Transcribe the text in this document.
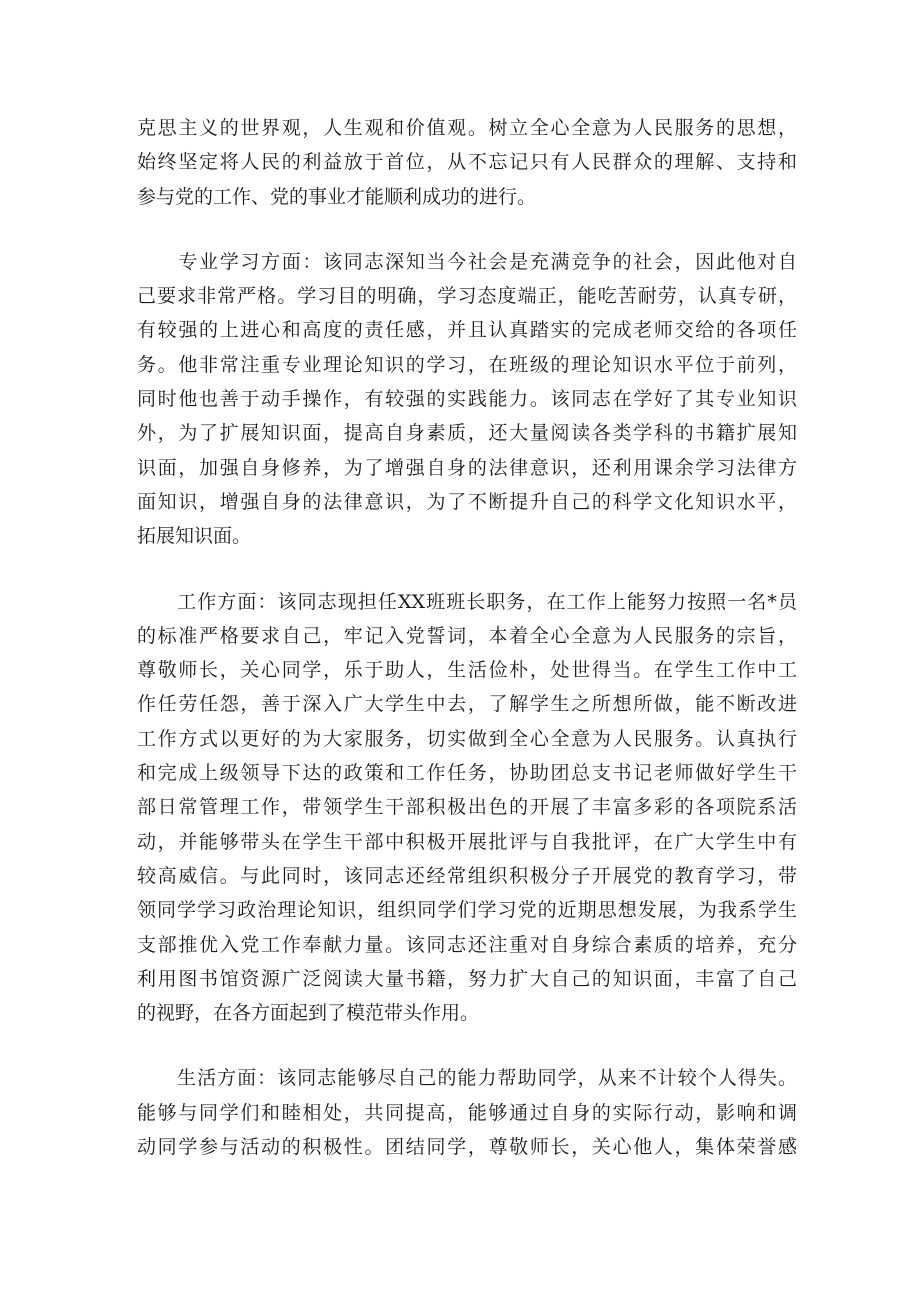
克思主义的世界观，人生观和价值观。树立全心全意为人民服务的思想，
始终坚定将人民的利益放于首位，从不忘记只有人民群众的理解、支持和
参与党的工作、党的事业才能顺利成功的进行。
　　专业学习方面：该同志深知当今社会是充满竞争的社会，因此他对自
己要求非常严格。学习目的明确，学习态度端正，能吃苦耐劳，认真专研，
有较强的上进心和高度的责任感，并且认真踏实的完成老师交给的各项任
务。他非常注重专业理论知识的学习，在班级的理论知识水平位于前列，
同时他也善于动手操作，有较强的实践能力。该同志在学好了其专业知识
外，为了扩展知识面，提高自身素质，还大量阅读各类学科的书籍扩展知
识面，加强自身修养，为了增强自身的法律意识，还利用课余学习法律方
面知识，增强自身的法律意识，为了不断提升自己的科学文化知识水平，
拓展知识面。
　　工作方面：该同志现担任XX班班长职务，在工作上能努力按照一名*员
的标准严格要求自己，牢记入党誓词，本着全心全意为人民服务的宗旨，
尊敬师长，关心同学，乐于助人，生活俭朴，处世得当。在学生工作中工
作任劳任怨，善于深入广大学生中去，了解学生之所想所做，能不断改进
工作方式以更好的为大家服务，切实做到全心全意为人民服务。认真执行
和完成上级领导下达的政策和工作任务，协助团总支书记老师做好学生干
部日常管理工作，带领学生干部积极出色的开展了丰富多彩的各项院系活
动，并能够带头在学生干部中积极开展批评与自我批评，在广大学生中有
较高威信。与此同时，该同志还经常组织积极分子开展党的教育学习，带
领同学学习政治理论知识，组织同学们学习党的近期思想发展，为我系学生
支部推优入党工作奉献力量。该同志还注重对自身综合素质的培养，充分
利用图书馆资源广泛阅读大量书籍，努力扩大自己的知识面，丰富了自己
的视野，在各方面起到了模范带头作用。
　　生活方面：该同志能够尽自己的能力帮助同学，从来不计较个人得失。
能够与同学们和睦相处，共同提高，能够通过自身的实际行动，影响和调
动同学参与活动的积极性。团结同学，尊敬师长，关心他人，集体荣誉感
